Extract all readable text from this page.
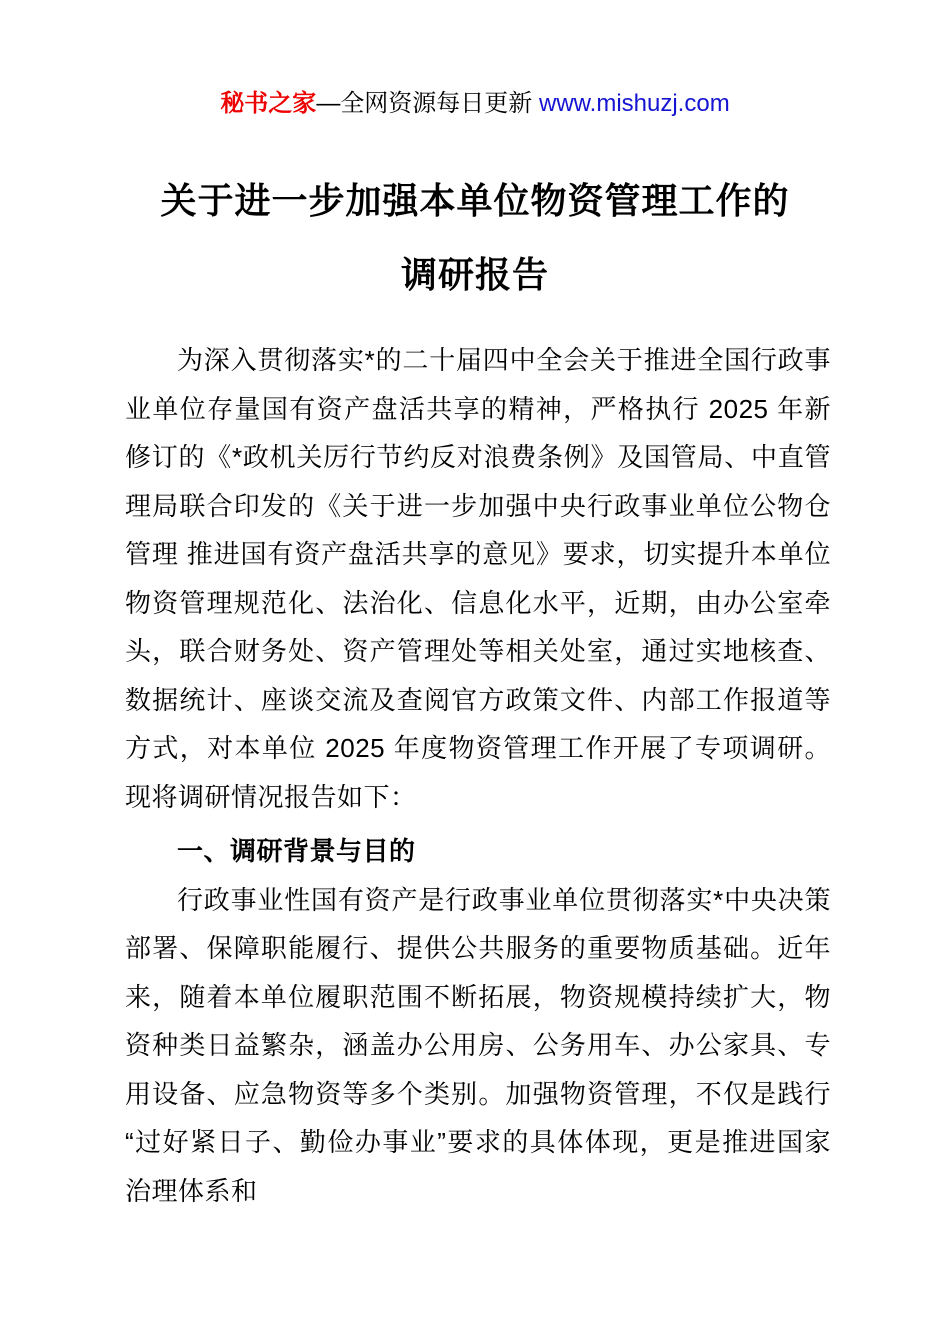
秘书之家—全网资源每日更新 www.mishuzj.com
关于进一步加强本单位物资管理工作的
调研报告

为深入贯彻落实*的二十届四中全会关于推进全国行政事业单位存量国有资产盘活共享的精神，严格执行 2025 年新修订的《*政机关厉行节约反对浪费条例》及国管局、中直管理局联合印发的《关于进一步加强中央行政事业单位公物仓管理 推进国有资产盘活共享的意见》要求，切实提升本单位物资管理规范化、法治化、信息化水平，近期，由办公室牵头，联合财务处、资产管理处等相关处室，通过实地核查、数据统计、座谈交流及查阅官方政策文件、内部工作报道等方式，对本单位 2025 年度物资管理工作开展了专项调研。现将调研情况报告如下：

一、调研背景与目的

行政事业性国有资产是行政事业单位贯彻落实*中央决策部署、保障职能履行、提供公共服务的重要物质基础。近年来，随着本单位履职范围不断拓展，物资规模持续扩大，物资种类日益繁杂，涵盖办公用房、公务用车、办公家具、专用设备、应急物资等多个类别。加强物资管理，不仅是践行“过好紧日子、勤俭办事业”要求的具体体现，更是推进国家治理体系和
